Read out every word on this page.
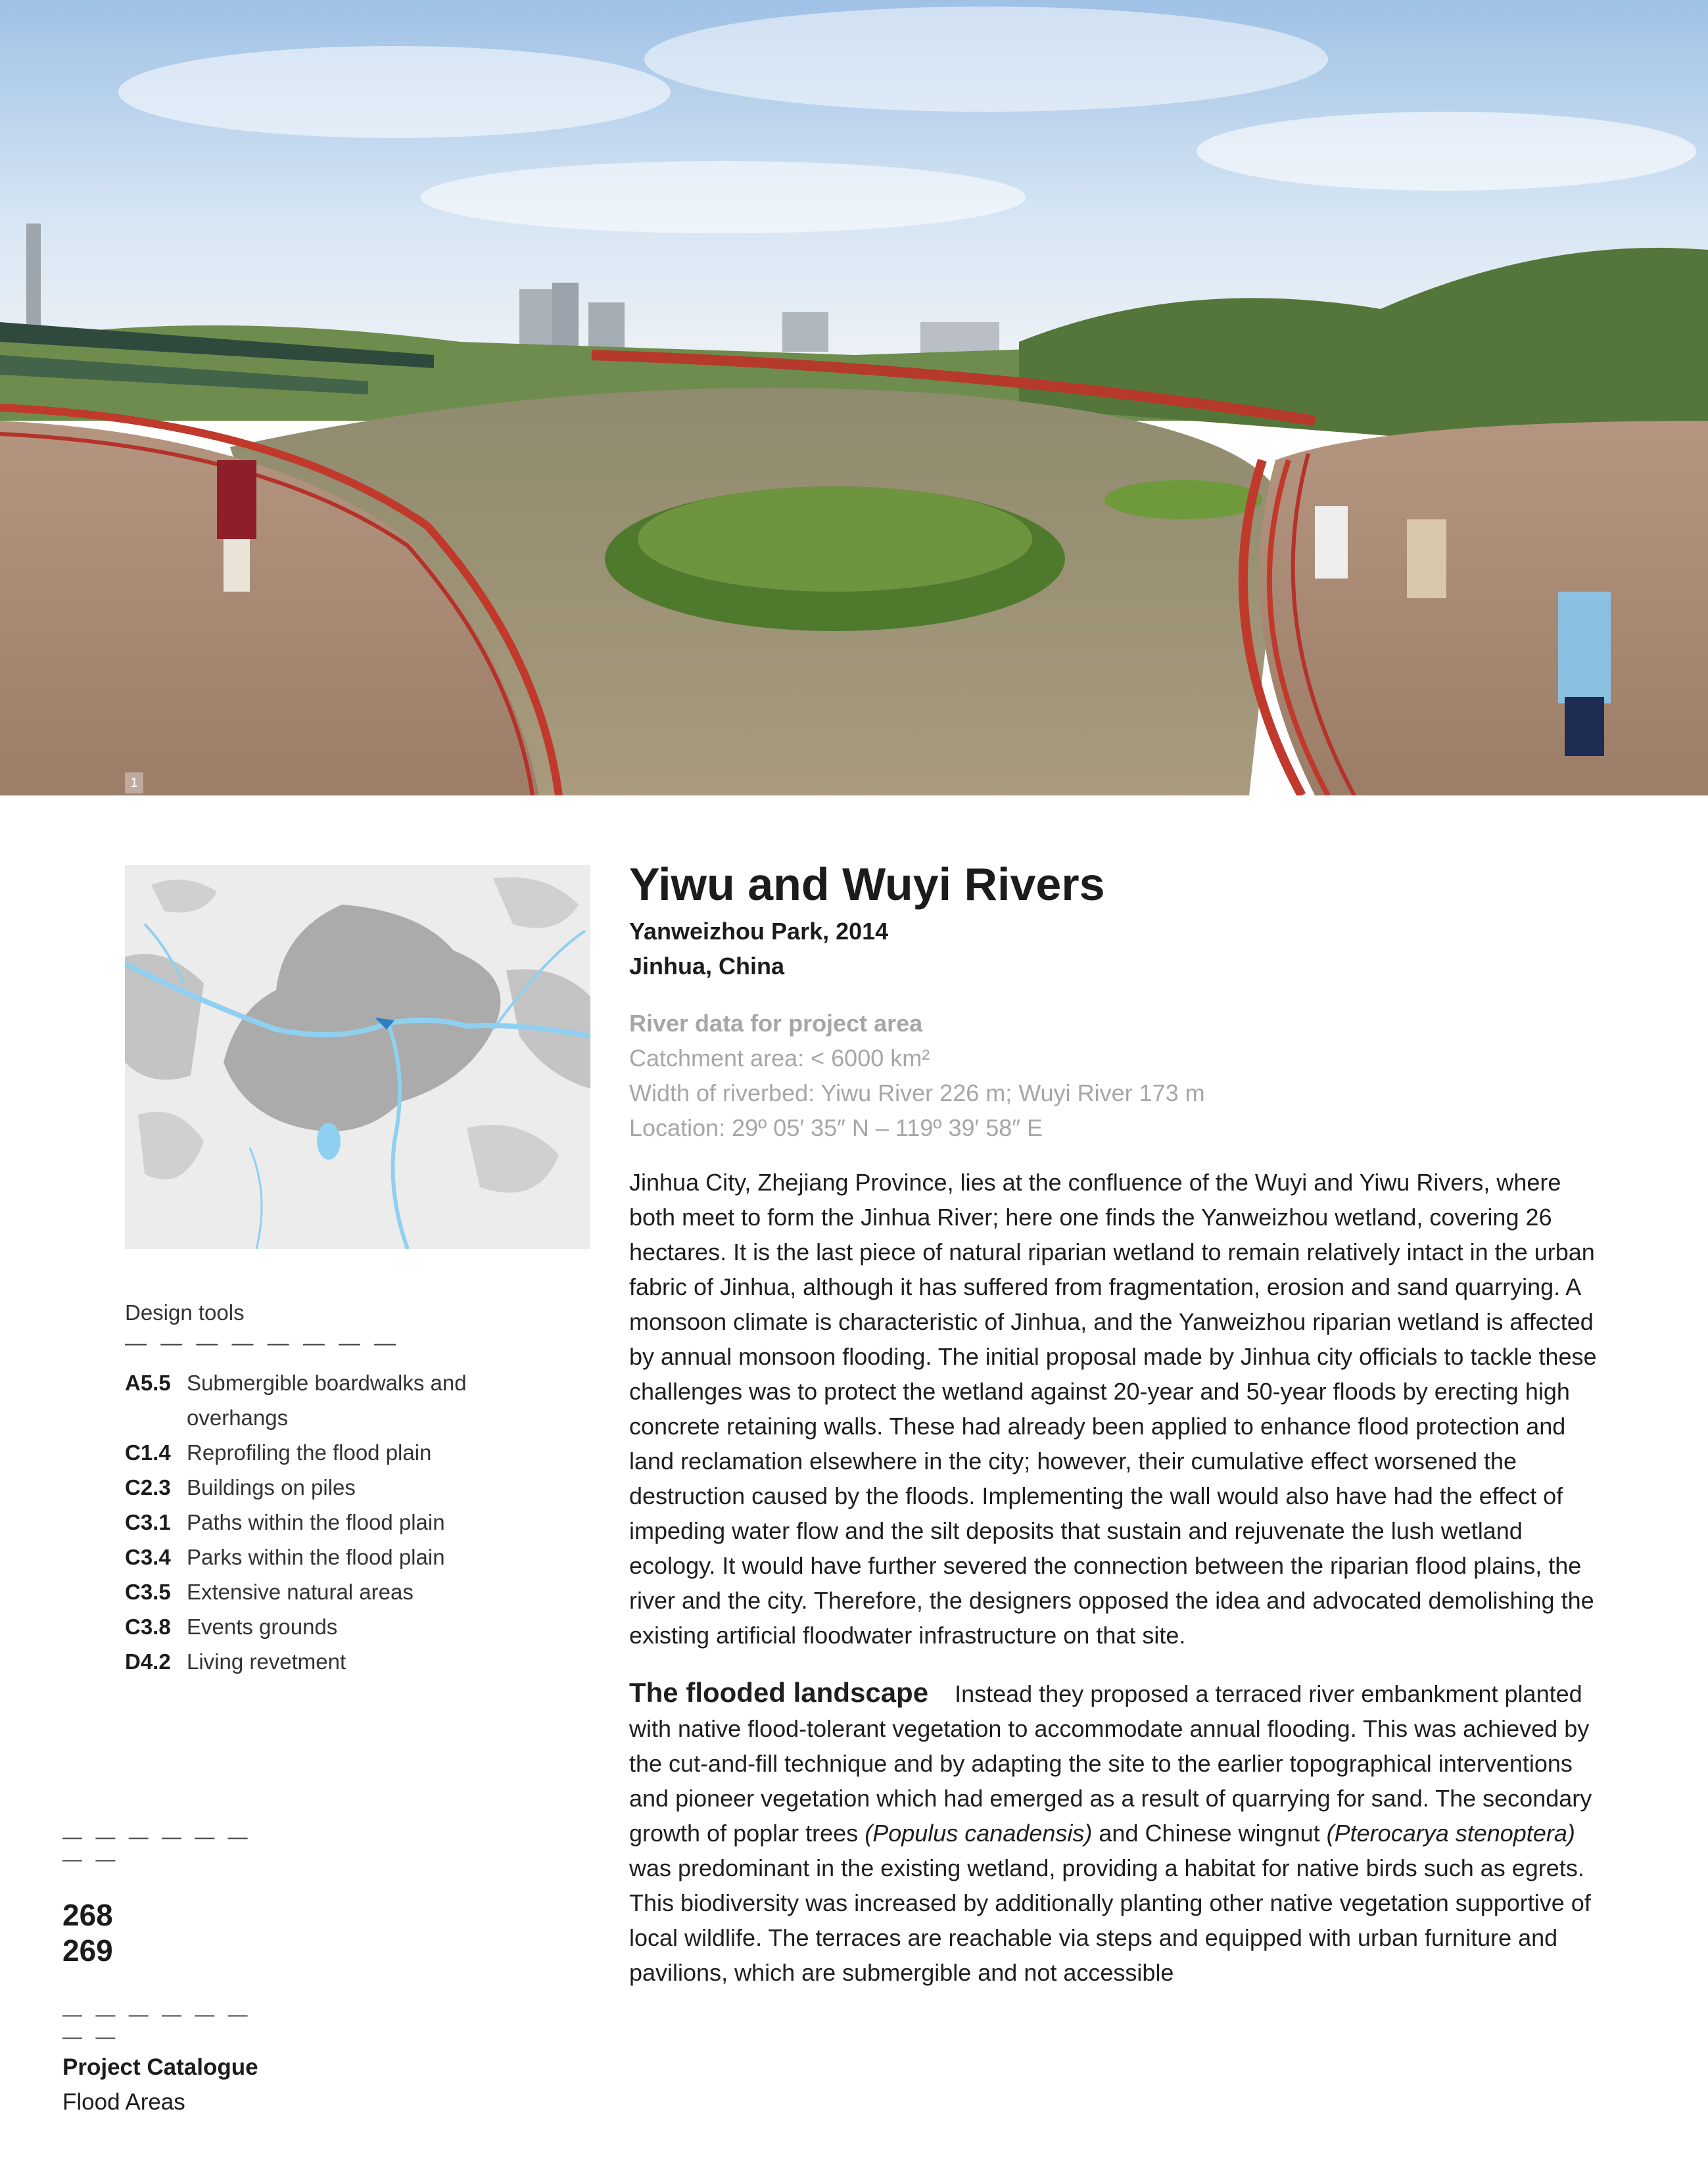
1
Design tools
— — — — — — — —
A5.5 Submergible boardwalks and overhangs
C1.4 Reprofiling the flood plain
C2.3 Buildings on piles
C3.1 Paths within the flood plain
C3.4 Parks within the flood plain
C3.5 Extensive natural areas
C3.8 Events grounds
D4.2 Living revetment
— — — — — — — —
268
269
— — — — — — — —
Project Catalogue
Flood Areas
Yiwu and Wuyi Rivers
Yanweizhou Park, 2014
Jinhua, China
River data for project area
Catchment area: < 6000 km²
Width of riverbed: Yiwu River 226 m; Wuyi River 173 m
Location: 29º 05′ 35″ N – 119º 39′ 58″ E

Jinhua City, Zhejiang Province, lies at the confluence of the Wuyi and Yiwu Rivers, where both meet to form the Jinhua River; here one finds the Yanweizhou wetland, covering 26 hectares. It is the last piece of natural riparian wetland to remain relatively intact in the urban fabric of Jinhua, although it has suffered from fragmentation, erosion and sand quarrying. A monsoon climate is characteristic of Jinhua, and the Yanweizhou riparian wetland is affected by annual monsoon flooding. The initial proposal made by Jinhua city officials to tackle these challenges was to protect the wetland against 20-year and 50-year floods by erecting high concrete retaining walls. These had already been applied to enhance flood protection and land reclamation elsewhere in the city; however, their cumulative effect worsened the destruction caused by the floods. Implementing the wall would also have had the effect of impeding water flow and the silt deposits that sustain and rejuvenate the lush wetland ecology. It would have further severed the connection between the riparian flood plains, the river and the city. Therefore, the designers opposed the idea and advocated demolishing the existing artificial floodwater infrastructure on that site.

The flooded landscape Instead they proposed a terraced river embankment planted with native flood-tolerant vegetation to accommodate annual flooding. This was achieved by the cut-and-fill technique and by adapting the site to the earlier topographical interventions and pioneer vegetation which had emerged as a result of quarrying for sand. The secondary growth of poplar trees (Populus canadensis) and Chinese wingnut (Pterocarya stenoptera) was predominant in the existing wetland, providing a habitat for native birds such as egrets. This biodiversity was increased by additionally planting other native vegetation supportive of local wildlife. The terraces are reachable via steps and equipped with urban furniture and pavilions, which are submergible and not accessible
